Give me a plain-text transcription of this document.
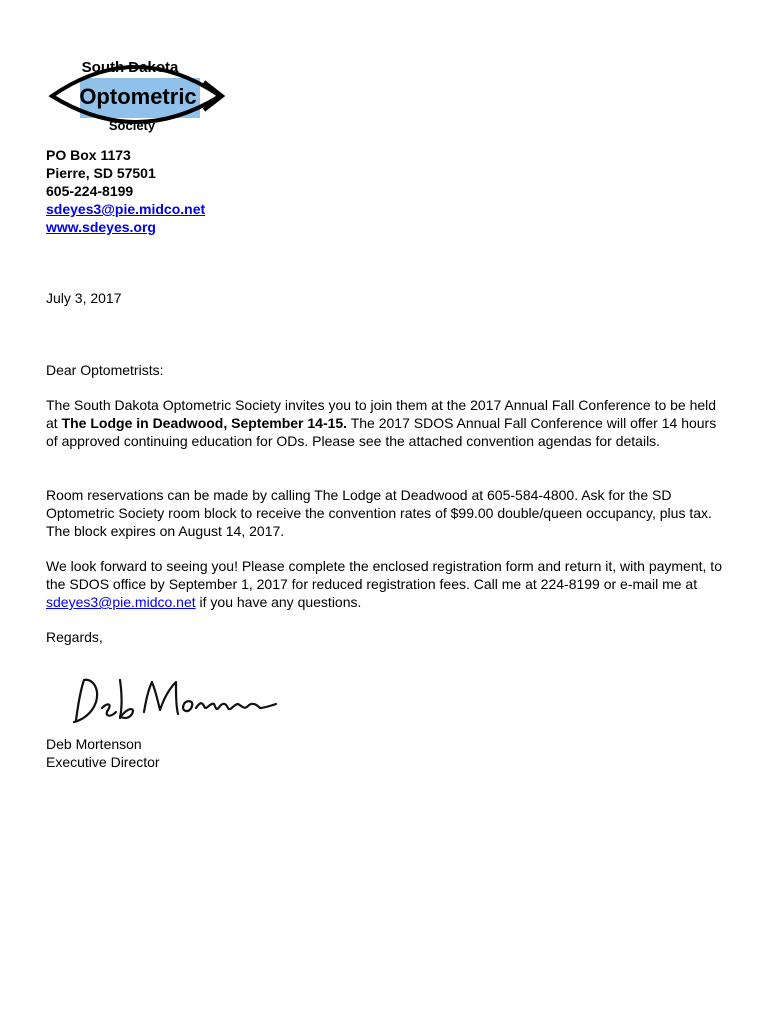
South Dakota
Optometric
Society
PO Box 1173
Pierre, SD 57501
605-224-8199
sdeyes3@pie.midco.net
www.sdeyes.org
July 3, 2017
Dear Optometrists:
The South Dakota Optometric Society invites you to join them at the 2017 Annual Fall Conference to be held at The Lodge in Deadwood, September 14-15. The 2017 SDOS Annual Fall Conference will offer 14 hours of approved continuing education for ODs. Please see the attached convention agendas for details.
Room reservations can be made by calling The Lodge at Deadwood at 605-584-4800. Ask for the SD Optometric Society room block to receive the convention rates of $99.00 double/queen occupancy, plus tax. The block expires on August 14, 2017.
We look forward to seeing you! Please complete the enclosed registration form and return it, with payment, to the SDOS office by September 1, 2017 for reduced registration fees. Call me at 224-8199 or e-mail me at sdeyes3@pie.midco.net if you have any questions.
Regards,
Deb Mortenson
Executive Director
